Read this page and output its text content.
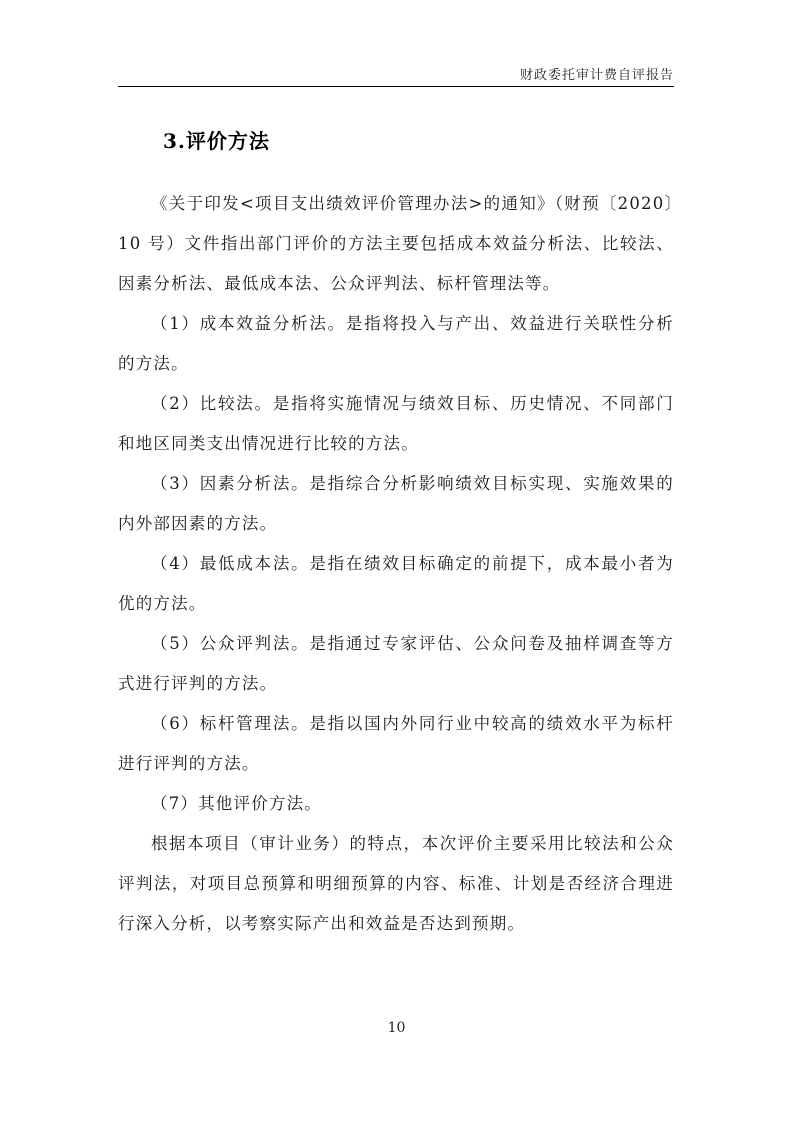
财政委托审计费自评报告
3.评价方法

《关于印发<项目支出绩效评价管理办法>的通知》（财预〔2020〕10 号）文件指出部门评价的方法主要包括成本效益分析法、比较法、因素分析法、最低成本法、公众评判法、标杆管理法等。

（1）成本效益分析法。是指将投入与产出、效益进行关联性分析的方法。

（2）比较法。是指将实施情况与绩效目标、历史情况、不同部门和地区同类支出情况进行比较的方法。

（3）因素分析法。是指综合分析影响绩效目标实现、实施效果的内外部因素的方法。

（4）最低成本法。是指在绩效目标确定的前提下，成本最小者为优的方法。

（5）公众评判法。是指通过专家评估、公众问卷及抽样调查等方式进行评判的方法。

（6）标杆管理法。是指以国内外同行业中较高的绩效水平为标杆进行评判的方法。

（7）其他评价方法。

根据本项目（审计业务）的特点，本次评价主要采用比较法和公众评判法，对项目总预算和明细预算的内容、标准、计划是否经济合理进行深入分析，以考察实际产出和效益是否达到预期。

10
